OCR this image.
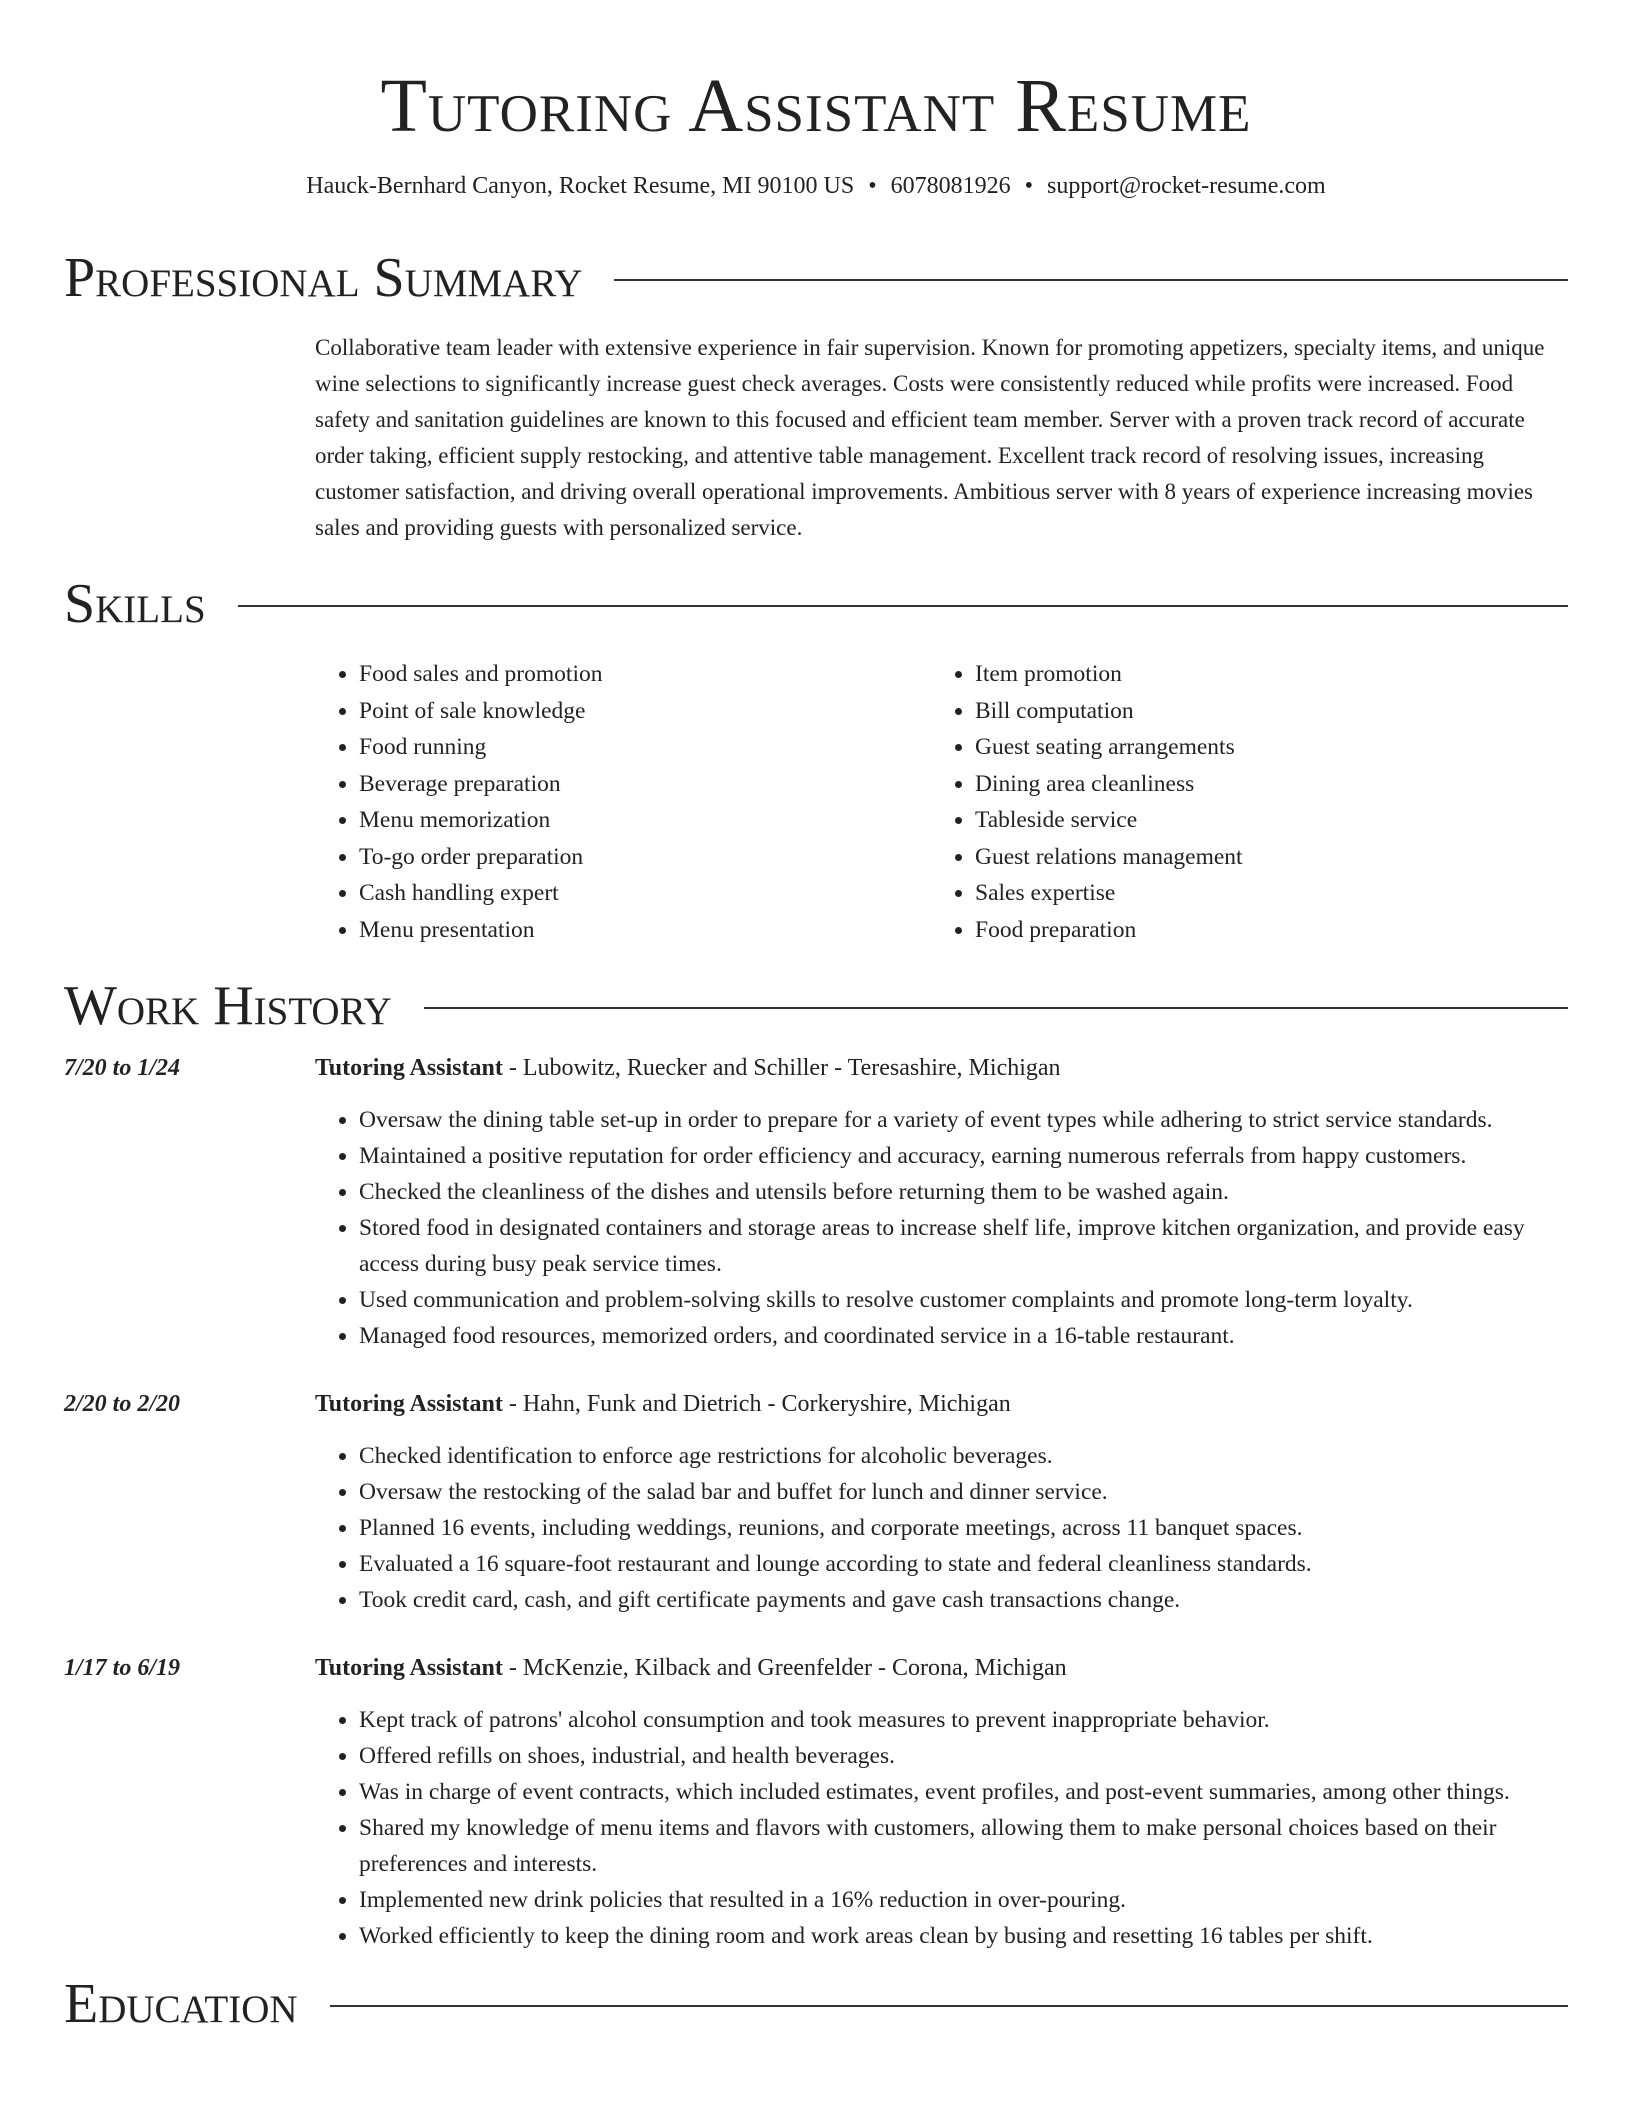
Tutoring Assistant Resume
Hauck-Bernhard Canyon, Rocket Resume, MI 90100 US • 6078081926 • support@rocket-resume.com
Professional Summary
Collaborative team leader with extensive experience in fair supervision. Known for promoting appetizers, specialty items, and unique wine selections to significantly increase guest check averages. Costs were consistently reduced while profits were increased. Food safety and sanitation guidelines are known to this focused and efficient team member. Server with a proven track record of accurate order taking, efficient supply restocking, and attentive table management. Excellent track record of resolving issues, increasing customer satisfaction, and driving overall operational improvements. Ambitious server with 8 years of experience increasing movies sales and providing guests with personalized service.
Skills
• Food sales and promotion
• Point of sale knowledge
• Food running
• Beverage preparation
• Menu memorization
• To-go order preparation
• Cash handling expert
• Menu presentation
• Item promotion
• Bill computation
• Guest seating arrangements
• Dining area cleanliness
• Tableside service
• Guest relations management
• Sales expertise
• Food preparation
Work History
7/20 to 1/24	Tutoring Assistant - Lubowitz, Ruecker and Schiller - Teresashire, Michigan
• Oversaw the dining table set-up in order to prepare for a variety of event types while adhering to strict service standards.
• Maintained a positive reputation for order efficiency and accuracy, earning numerous referrals from happy customers.
• Checked the cleanliness of the dishes and utensils before returning them to be washed again.
• Stored food in designated containers and storage areas to increase shelf life, improve kitchen organization, and provide easy access during busy peak service times.
• Used communication and problem-solving skills to resolve customer complaints and promote long-term loyalty.
• Managed food resources, memorized orders, and coordinated service in a 16-table restaurant.
2/20 to 2/20	Tutoring Assistant - Hahn, Funk and Dietrich - Corkeryshire, Michigan
• Checked identification to enforce age restrictions for alcoholic beverages.
• Oversaw the restocking of the salad bar and buffet for lunch and dinner service.
• Planned 16 events, including weddings, reunions, and corporate meetings, across 11 banquet spaces.
• Evaluated a 16 square-foot restaurant and lounge according to state and federal cleanliness standards.
• Took credit card, cash, and gift certificate payments and gave cash transactions change.
1/17 to 6/19	Tutoring Assistant - McKenzie, Kilback and Greenfelder - Corona, Michigan
• Kept track of patrons' alcohol consumption and took measures to prevent inappropriate behavior.
• Offered refills on shoes, industrial, and health beverages.
• Was in charge of event contracts, which included estimates, event profiles, and post-event summaries, among other things.
• Shared my knowledge of menu items and flavors with customers, allowing them to make personal choices based on their preferences and interests.
• Implemented new drink policies that resulted in a 16% reduction in over-pouring.
• Worked efficiently to keep the dining room and work areas clean by busing and resetting 16 tables per shift.
Education
